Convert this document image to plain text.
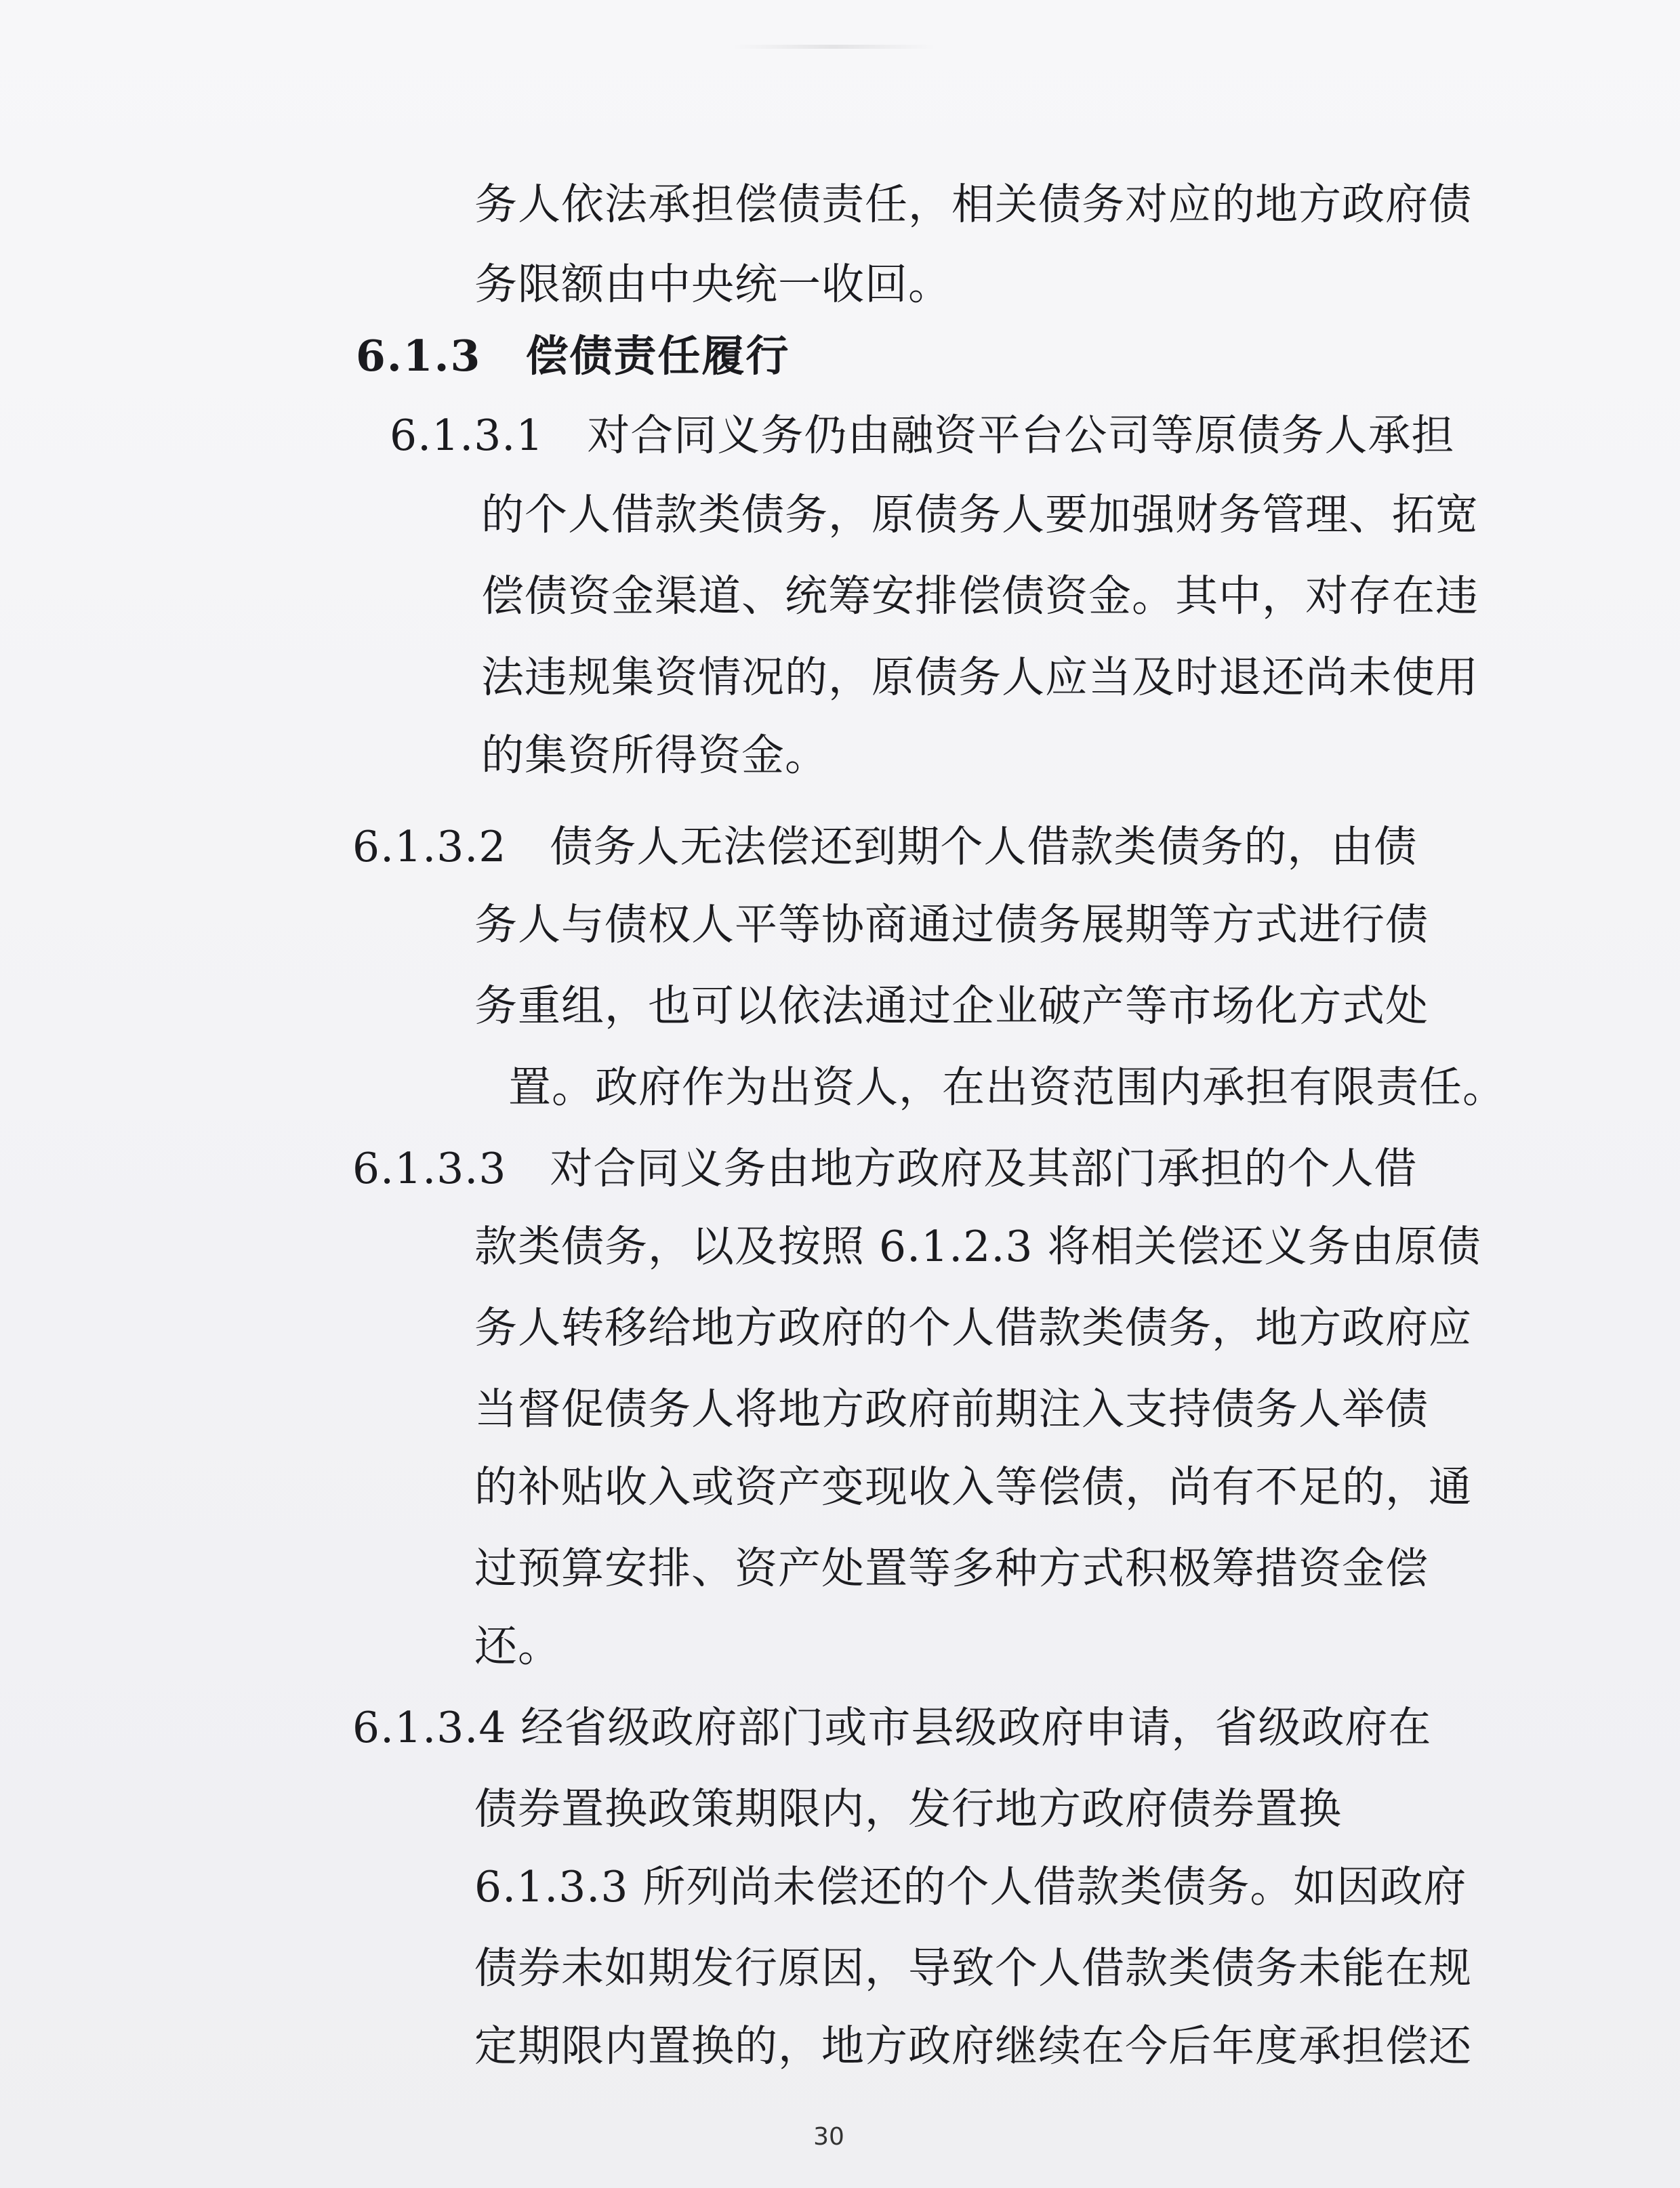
务人依法承担偿债责任，相关债务对应的地方政府债
务限额由中央统一收回。
6.1.3　偿债责任履行
6.1.3.1　对合同义务仍由融资平台公司等原债务人承担
的个人借款类债务，原债务人要加强财务管理、拓宽
偿债资金渠道、统筹安排偿债资金。其中，对存在违
法违规集资情况的，原债务人应当及时退还尚未使用
的集资所得资金。
6.1.3.2　债务人无法偿还到期个人借款类债务的，由债
务人与债权人平等协商通过债务展期等方式进行债
务重组，也可以依法通过企业破产等市场化方式处
置。政府作为出资人，在出资范围内承担有限责任。
6.1.3.3　对合同义务由地方政府及其部门承担的个人借
款类债务，以及按照 6.1.2.3 将相关偿还义务由原债
务人转移给地方政府的个人借款类债务，地方政府应
当督促债务人将地方政府前期注入支持债务人举债
的补贴收入或资产变现收入等偿债，尚有不足的，通
过预算安排、资产处置等多种方式积极筹措资金偿
还。
6.1.3.4 经省级政府部门或市县级政府申请，省级政府在
债券置换政策期限内，发行地方政府债券置换
6.1.3.3 所列尚未偿还的个人借款类债务。如因政府
债券未如期发行原因，导致个人借款类债务未能在规
定期限内置换的，地方政府继续在今后年度承担偿还
30
